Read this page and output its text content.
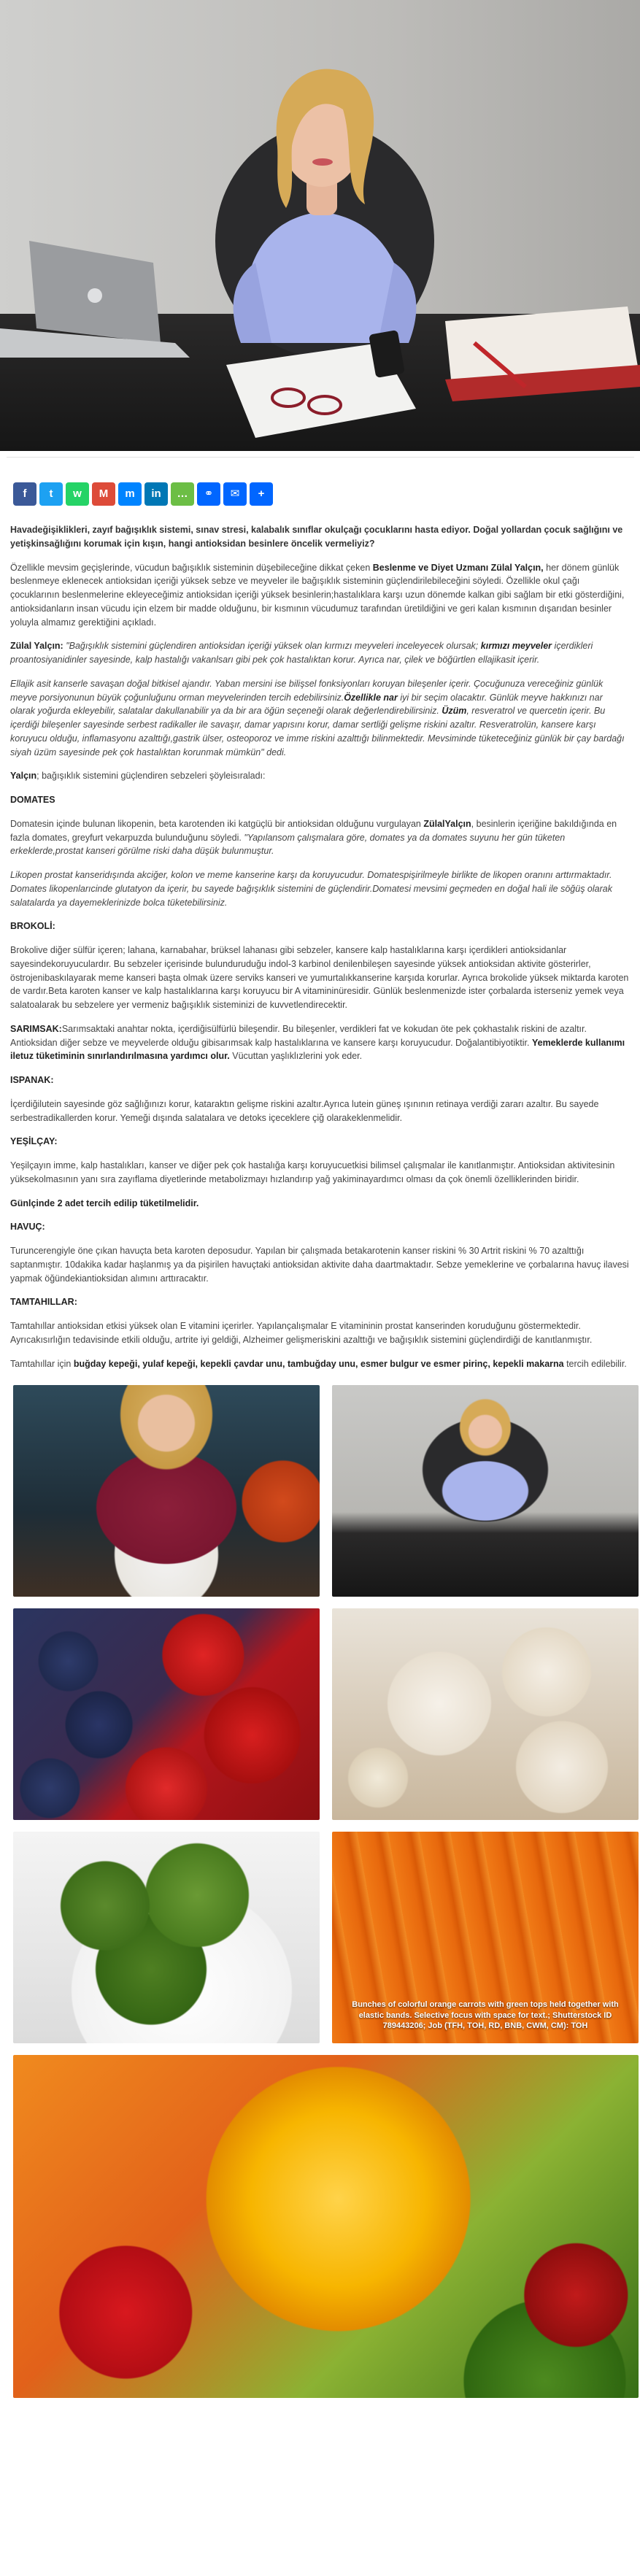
f t w M m in … ⚭ ✉ +

Havadeğişiklikleri, zayıf bağışıklık sistemi, sınav stresi, kalabalık sınıflar okulçağı çocuklarını hasta ediyor. Doğal yollardan çocuk sağlığını ve yetişkinsağlığını korumak için kışın, hangi antioksidan besinlere öncelik vermeliyiz?

Özellikle mevsim geçişlerinde, vücudun bağışıklık sisteminin düşebileceğine dikkat çeken Beslenme ve Diyet Uzmanı Zülal Yalçın, her dönem günlük beslenmeye eklenecek antioksidan içeriği yüksek sebze ve meyveler ile bağışıklık sisteminin güçlendirilebileceğini söyledi. Özellikle okul çağı çocuklarının beslenmelerine ekleyeceğimiz antioksidan içeriği yüksek besinlerin;hastalıklara karşı uzun dönemde kalkan gibi sağlam bir etki gösterdiğini, antioksidanların insan vücudu için elzem bir madde olduğunu, bir kısmının vücudumuz tarafından üretildiğini ve geri kalan kısmının dışarıdan besinler yoluyla almamız gerektiğini açıkladı.

Zülal Yalçın: "Bağışıklık sistemini güçlendiren antioksidan içeriği yüksek olan kırmızı meyveleri inceleyecek olursak; kırmızı meyveler içerdikleri proantosiyanidinler sayesinde, kalp hastalığı vakanlsarı gibi pek çok hastalıktan korur. Ayrıca nar, çilek ve böğürtlen ellajikasit içerir.

Ellajik asit kanserle savaşan doğal bitkisel ajandır. Yaban mersini ise bilişsel fonksiyonları koruyan bileşenler içerir. Çocuğunuza vereceğiniz günlük meyve porsiyonunun büyük çoğunluğunu orman meyvelerinden tercih edebilirsiniz.Özellikle nar iyi bir seçim olacaktır. Günlük meyve hakkınızı nar olarak yoğurda ekleyebilir, salatalar dakullanabilir ya da bir ara öğün seçeneği olarak değerlendirebilirsiniz. Üzüm, resveratrol ve quercetin içerir. Bu içerdiği bileşenler sayesinde serbest radikaller ile savaşır, damar yapısını korur, damar sertliği gelişme riskini azaltır. Resveratrolün, kansere karşı koruyucu olduğu, inflamasyonu azalttığı,gastrik ülser, osteoporoz ve imme riskini azalttığı bilinmektedir. Mevsiminde tüketeceğiniz günlük bir çay bardağı siyah üzüm sayesinde pek çok hastalıktan korunmak mümkün" dedi.

Yalçın; bağışıklık sistemini güçlendiren sebzeleri şöyleisıraladı:

DOMATES

Domatesin içinde bulunan likopenin, beta karotenden iki katgüçlü bir antioksidan olduğunu vurgulayan ZülalYalçın, besinlerin içeriğine bakıldığında en fazla domates, greyfurt vekarpuzda bulunduğunu söyledi. "Yapılansom çalışmalara göre, domates ya da domates suyunu her gün tüketen erkeklerde,prostat kanseri görülme riski daha düşük bulunmuştur.

Likopen prostat kanseridışında akciğer, kolon ve meme kanserine karşı da koruyucudur. Domatespişirilmeyle birlikte de likopen oranını arttırmaktadır. Domates likopenlarıcinde glutatyon da içerir, bu sayede bağışıklık sistemini de güçlendirir.Domatesi mevsimi geçmeden en doğal hali ile söğüş olarak salatalarda ya dayemeklerinizde bolca tüketebilirsiniz.

BROKOLİ:

Brokolive diğer sülfür içeren; lahana, karnabahar, brüksel lahanası gibi sebzeler, kansere kalp hastalıklarına karşı içerdikleri antioksidanlar sayesindekoruyuculardır. Bu sebzeler içerisinde bulunduruduğu indol-3 karbinol denilenbileşen sayesinde yüksek antioksidan aktivite gösterirler, östrojenibaskılayarak meme kanseri başta olmak üzere serviks kanseri ve yumurtalıkkanserine karşıda korurlar. Ayrıca brokolide yüksek miktarda karoten de vardır.Beta karoten kanser ve kalp hastalıklarına karşı koruyucu bir A vitamininüresidir. Günlük beslenmenizde ister çorbalarda isterseniz yemek veya salatoalarak bu sebzelere yer vermeniz bağışıklık sisteminizi de kuvvetlendirecektir.

SARIMSAK:Sarımsaktaki anahtar nokta, içerdiğisülfürlü bileşendir. Bu bileşenler, verdikleri fat ve kokudan öte pek çokhastalık riskini de azaltır. Antioksidan diğer sebze ve meyvelerde olduğu gibisarımsak kalp hastalıklarına ve kansere karşı koruyucudur. Doğalantibiyotiktir. Yemeklerde kullanımı iletuz tüketiminin sınırlandırılmasına yardımcı olur. Vücuttan yaşlıklızlerini yok eder.

ISPANAK:

İçerdiğilutein sayesinde göz sağlığınızı korur, kataraktın gelişme riskini azaltır.Ayrıca lutein güneş ışınının retinaya verdiği zararı azaltır. Bu sayede serbestradikallerden korur. Yemeği dışında salatalara ve detoks içeceklere çiğ olarakeklenmelidir.

YEŞİLÇAY:

Yeşilçayın imme, kalp hastalıkları, kanser ve diğer pek çok hastalığa karşı koruyucuetkisi bilimsel çalışmalar ile kanıtlanmıştır. Antioksidan aktivitesinin yüksekolmasının yanı sıra zayıflama diyetlerinde metabolizmayı hızlandırıp yağ yakiminayardımcı olması da çok önemli özelliklerinden biridir.

Günlçinde 2 adet tercih edilip tüketilmelidir.

HAVUÇ:

Turuncerengiyle öne çıkan havuçta beta karoten deposudur. Yapılan bir çalışmada betakarotenin kanser riskini % 30 Artrit riskini % 70 azalttığı saptanmıştır. 10dakika kadar haşlanmış ya da pişirilen havuçtaki antioksidan aktivite daha daartmaktadır. Sebze yemeklerine ve çorbalarına havuç ilavesi yapmak öğündekiantioksidan alımını arttıracaktır.

TAMTAHILLAR:

Tamtahıllar antioksidan etkisi yüksek olan E vitamini içerirler. Yapılançalışmalar E vitamininin prostat kanserinden koruduğunu göstermektedir. Ayrıcakısırlığın tedavisinde etkili olduğu, artrite iyi geldiği, Alzheimer gelişmeriskini azalttığı ve bağışıklık sistemini güçlendirdiği de kanıtlanmıştır.

Tamtahıllar için buğday kepeği, yulaf kepeği, kepekli çavdar unu, tambuğday unu, esmer bulgur ve esmer pirinç, kepekli makarna tercih edilebilir.

Bunches of colorful orange carrots with green tops held together with elastic bands. Selective focus with space for text.; Shutterstock ID 789443206; Job (TFH, TOH, RD, BNB, CWM, CM): TOH
